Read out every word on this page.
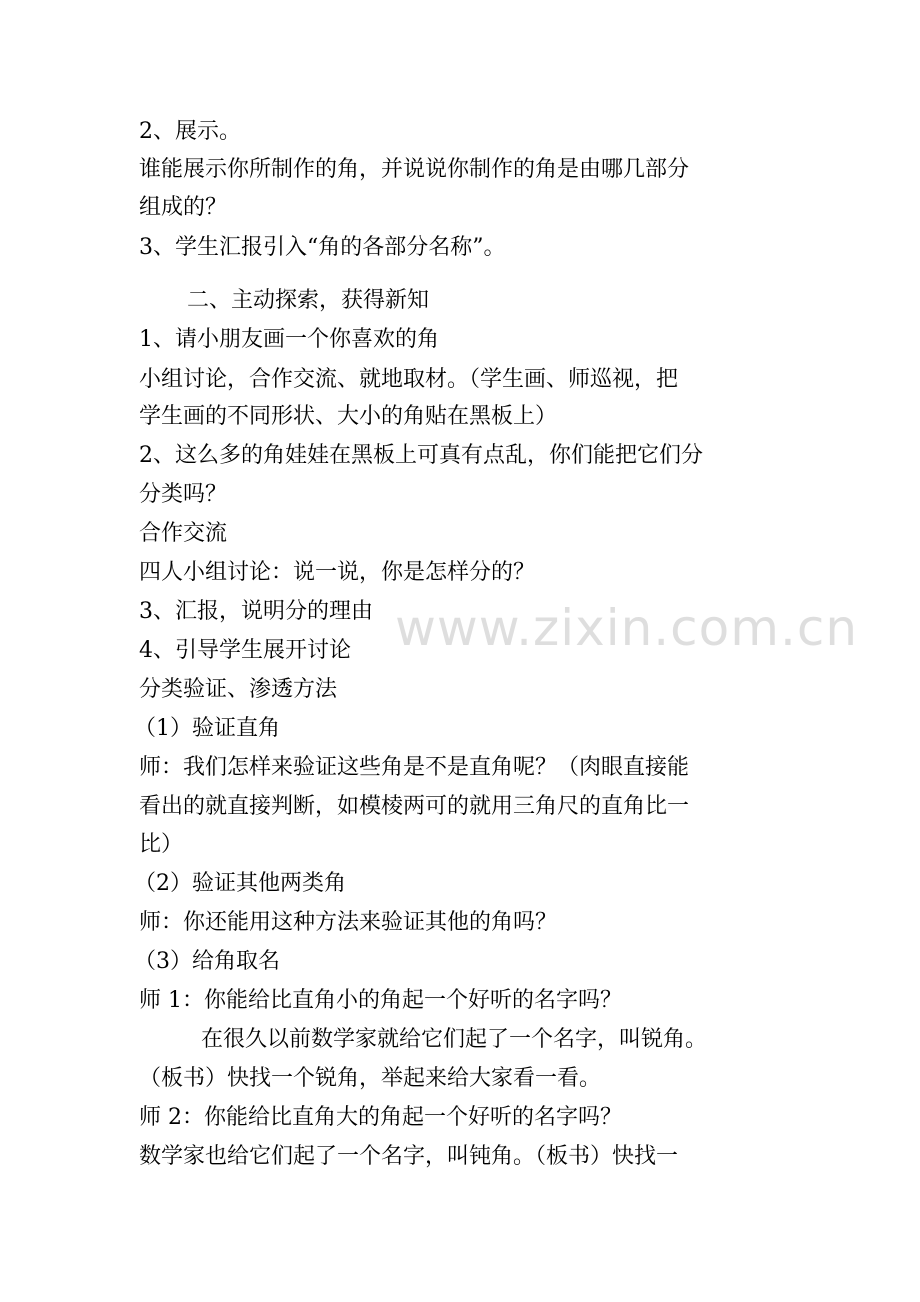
2、展示。
谁能展示你所制作的角，并说说你制作的角是由哪几部分
组成的？
3、学生汇报引入“角的各部分名称”。
二、主动探索，获得新知
1、请小朋友画一个你喜欢的角
小组讨论，合作交流、就地取材。（学生画、师巡视，把
学生画的不同形状、大小的角贴在黑板上）
2、这么多的角娃娃在黑板上可真有点乱，你们能把它们分
分类吗？
合作交流
四人小组讨论：说一说，你是怎样分的？
3、汇报，说明分的理由
4、引导学生展开讨论
分类验证、渗透方法
（1）验证直角
师：我们怎样来验证这些角是不是直角呢？（肉眼直接能
看出的就直接判断，如模棱两可的就用三角尺的直角比一
比）
（2）验证其他两类角
师：你还能用这种方法来验证其他的角吗？
（3）给角取名
师 1：你能给比直角小的角起一个好听的名字吗？
在很久以前数学家就给它们起了一个名字，叫锐角。
（板书）快找一个锐角，举起来给大家看一看。
师 2：你能给比直角大的角起一个好听的名字吗？
数学家也给它们起了一个名字，叫钝角。（板书）快找一
www.zixin.com.cn
